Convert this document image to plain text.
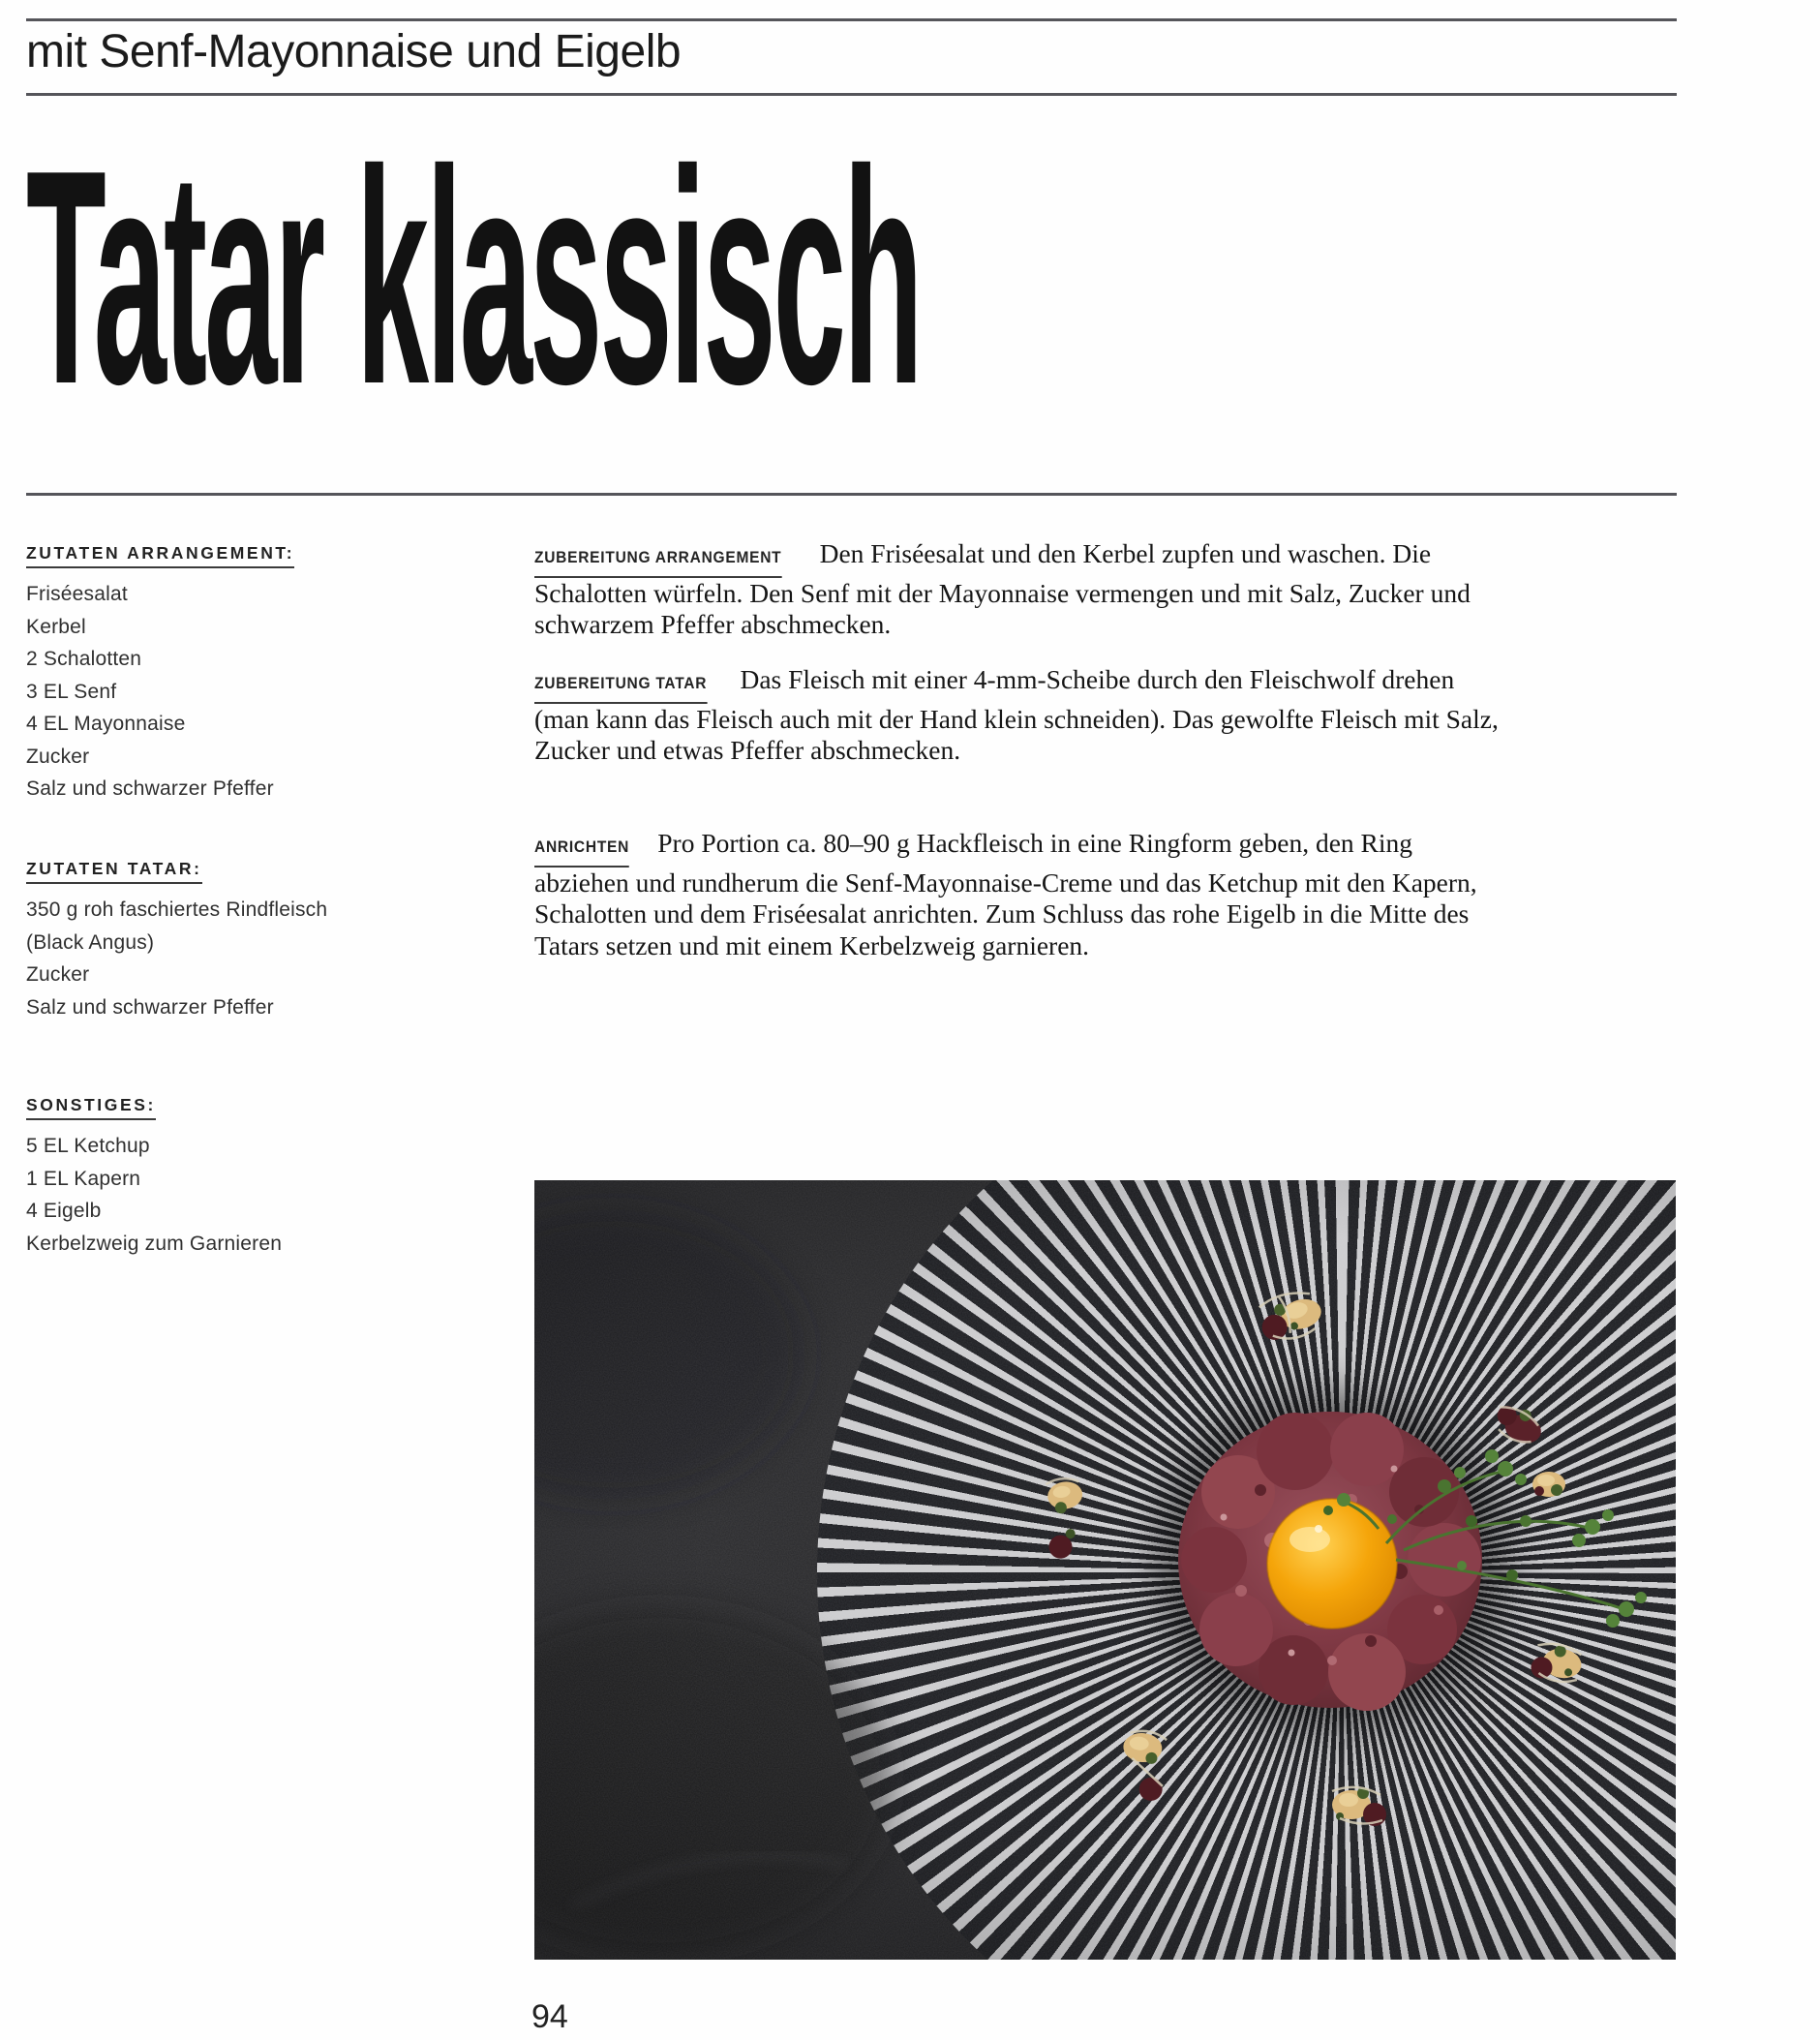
mit Senf-Mayonnaise und Eigelb
Tatar klassisch
ZUTATEN ARRANGEMENT:
Friséesalat
Kerbel
2 Schalotten
3 EL Senf
4 EL Mayonnaise
Zucker
Salz und schwarzer Pfeffer
ZUTATEN TATAR:
350 g roh faschiertes Rindfleisch
(Black Angus)
Zucker
Salz und schwarzer Pfeffer
SONSTIGES:
5 EL Ketchup
1 EL Kapern
4 Eigelb
Kerbelzweig zum Garnieren

ZUBEREITUNG ARRANGEMENT Den Friséesalat und den Kerbel zupfen und waschen. Die Schalotten würfeln. Den Senf mit der Mayonnaise vermengen und mit Salz, Zucker und schwarzem Pfeffer abschmecken.

ZUBEREITUNG TATAR Das Fleisch mit einer 4-mm-Scheibe durch den Fleischwolf drehen (man kann das Fleisch auch mit der Hand klein schneiden). Das gewolfte Fleisch mit Salz, Zucker und etwas Pfeffer abschmecken.

ANRICHTEN Pro Portion ca. 80–90 g Hackfleisch in eine Ringform geben, den Ring abziehen und rundherum die Senf-Mayonnaise-Creme und das Ketchup mit den Kapern, Schalotten und dem Friséesalat anrichten. Zum Schluss das rohe Eigelb in die Mitte des Tatars setzen und mit einem Kerbelzweig garnieren.

94
